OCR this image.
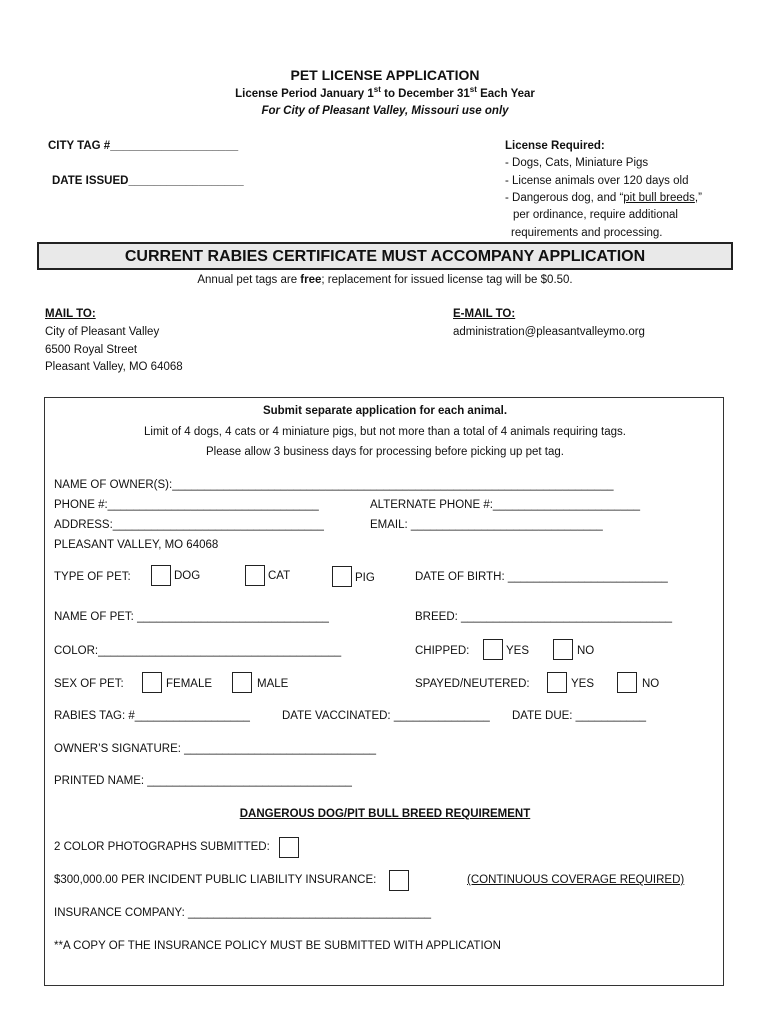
PET LICENSE APPLICATION
License Period January 1st to December 31st Each Year
For City of Pleasant Valley, Missouri use only
CITY TAG #____________________
DATE ISSUED__________________
License Required:
- Dogs, Cats, Miniature Pigs
- License animals over 120 days old
- Dangerous dog, and “pit bull breeds,”
per ordinance, require additional
requirements and processing.
CURRENT RABIES CERTIFICATE MUST ACCOMPANY APPLICATION
Annual pet tags are free; replacement for issued license tag will be $0.50.
MAIL TO:
City of Pleasant Valley
6500 Royal Street
Pleasant Valley, MO 64068
E-MAIL TO:
administration@pleasantvalleymo.org
Submit separate application for each animal.
Limit of 4 dogs, 4 cats or 4 miniature pigs, but not more than a total of 4 animals requiring tags.
Please allow 3 business days for processing before picking up pet tag.
NAME OF OWNER(S):_____________________________________________________________________
PHONE #:_________________________________	ALTERNATE PHONE #:_______________________
ADDRESS:_________________________________	EMAIL: ______________________________
PLEASANT VALLEY, MO 64068
TYPE OF PET:	DOG	CAT	PIG	DATE OF BIRTH: _________________________
NAME OF PET: ______________________________	BREED: _________________________________
COLOR:______________________________________	CHIPPED:	YES	NO
SEX OF PET:	FEMALE	MALE	SPAYED/NEUTERED:	YES	NO
RABIES TAG: #__________________	DATE VACCINATED: _______________ DATE DUE: ___________
OWNER’S SIGNATURE: ______________________________
PRINTED NAME: ________________________________
DANGEROUS DOG/PIT BULL BREED REQUIREMENT
2 COLOR PHOTOGRAPHS SUBMITTED:
$300,000.00 PER INCIDENT PUBLIC LIABILITY INSURANCE:	(CONTINUOUS COVERAGE REQUIRED)
INSURANCE COMPANY: ______________________________________
**A COPY OF THE INSURANCE POLICY MUST BE SUBMITTED WITH APPLICATION
